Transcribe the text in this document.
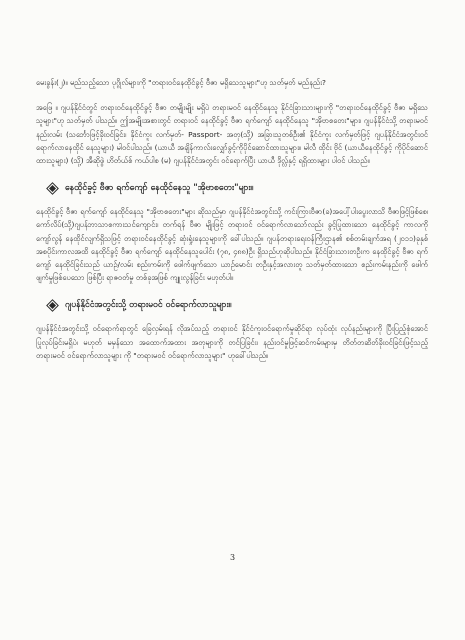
မေးခွန်း(၂)။ မည်သည့်သော ပုဂ္ဂိုလ်များကို "တရားဝင်နေထိုင်ခွင့် ဗီဇာ မရှိသေသူများ"ဟု သတ်မှတ် မည်နည်း?

အဖြေ ။ ဂျပန်နိုင်ငံတွင် တရားဝင်နေထိုင်ခွင့် ဗီဇာ တမျိုးမျိုး မရှိပဲ တရားမဝင် နေထိုင်နေသူ နိုင်ငံခြားသားများကို "တရားဝင်နေထိုင်ခွင့် ဗီဇာ မရှိသေသူများ"ဟု သတ်မှတ် ပါသည်။ ဤအမျိုးအစားတွင် တရားဝင် နေထိုင်ခွင့် ဗီဇာ ရက်ကျော် နေထိုင်နေသူ "အိုဗာစတေး"များ၊ ဂျပန်နိုင်ငံသို့ တရားမဝင်နည်းလမ်း (သင်္ဘောဖြင့်ခိုးဝင်ခြင်း၊ နိုင်ငံကူး လက်မှတ်- Passport- အတု(သို့) အခြားသူတစ်ဦး၏ နိုင်ငံကူး လက်မှတ်ဖြင့် ဂျပန်နိုင်ငံအတွင်းဝင်ရောက်လာနေထိုင် နေသူများ) မါဝင်ပါသည်။ (ယာယီ အချိန်ကာလ်းလျှော်ခွင့်ကိုပိုင်ဆောင်ထားသူများ။ မါလီ ထိုင်း ဗိုင် (ယာယီနေထိုင်ခွင့် ကိုပိုင်ဆောင် ထားသူများ) (သို့) အီဆိုဖွဲ ဟိတ်ယ်စ် ကယ်ပါစ (မ) ဂျပန်နိုင်ငံအတွင်း ဝင်ရောက်ပြီး ယာယီ ဒိုလ္လ်နှင့် ရရှိထားများ ပါဝင် ပါသည်။

နေထိုင်ခွင့် ဗီဇာ ရက်ကျော် နေထိုင်နေသူ "အိုဗာစတေး"များ။

နေထိုင်ခွင့် ဗီဇာ ရက်ကျော် နေထိုင်နေသူ "အိုဗာစတေး"များ ဆိုသည်မှာ ဂျပန်နိုင်ငံအတွင်းသို့ ကင်းကြားဗီဇာ(ခ)အပေါ့်ပါးပွေးလာသိ ဗီဇာဖြင့်ဖြစ်စေ၊ ကော်လိပ်(သို့)ဂျပန်ဘာသာစကားသင်ကျောင်း၊ တက်ရန် ဗီဇာ မျိုးဖြင့် တရားဝင် ဝင်ရောက်လာသော်လည်း ခွင့်ပြုထားသော နေထိုင်ခွင့် ကာလကို ကျော်လွန် နေထိုင်လျက်ရှိသဖြင့် တရားဝင်နေထိုင်ခွင့် ဆုံးရှုံးနေသူများကို ခေါ်ပါသည်။ ဂျပန်တရားရေးဝန်ကြီးဌာန၏ စစ်တမ်းချက်အရ (၂၀၁၁)ခုနှစ် အစပိုင်းကာလအထိ နေထိုင်ခွင့် ဗီဇာ ရက်ကျော် နေထိုင်နေသူပေါင်း (၇၈, ၄၈၈)ဦး ရှိသည်ဟုဆိုပါသည်။ နိုင်ငံခြားသားတဦးက နေထိုင်ခွင့် ဗီဇာ ရက်ကျော် နေထိုင်ခြင်းသည် ယာဉ်/လမ်း စည်းကမ်းကို ဖေါက်ဖျက်သော ယာဉ်မောင်း တဦးနှင့်အလားတူ သတ်မှတ်ထားသော စည်းကမ်းနည်းကို ဖေါက်ဖျက်မှုဖြစ်ပေသော ဖြစ်ပြီး ရာဇဝတ်မှု တစ်ခုအဖြစ် ကျူးလွန်ခြင်း မဟုတ်ပါ။

ဂျပန်နိုင်ငံအတွင်းသို့ တရားမဝင် ဝင်ရောက်လာသူများ။

ဂျပန်နိုင်ငံအတွင်းသို့ ဝင်ရောက်ရာတွင် ခြေလှမ်းရန် လိုအပ်သည့် တရားဝင် နိုင်ငံကူးဝင်ရောက်မှုဆိုင်ရာ လုပ်ထုံး လုပ်နည်းများကို ပြီးပြည့်စုံအောင် ပြုလုပ်ခြင်းမရှိပဲ၊ မဟုတ် မမှန်သော အထောက်အထား အတုများကို တင်ပြခြင်း၊ နည်းဝင်မှုဖြင့်ဆင်ကမ်းများမှ တိတ်တဆိတ်ခိုးဝင်ခြင်းဖြင့်သည့် တရားမဝင် ဝင်ရောက်လာသူများ ကို "တရားမဝင် ဝင်ရောက်လာသူများ" ဟုခေါ်ပါသည်။

3
